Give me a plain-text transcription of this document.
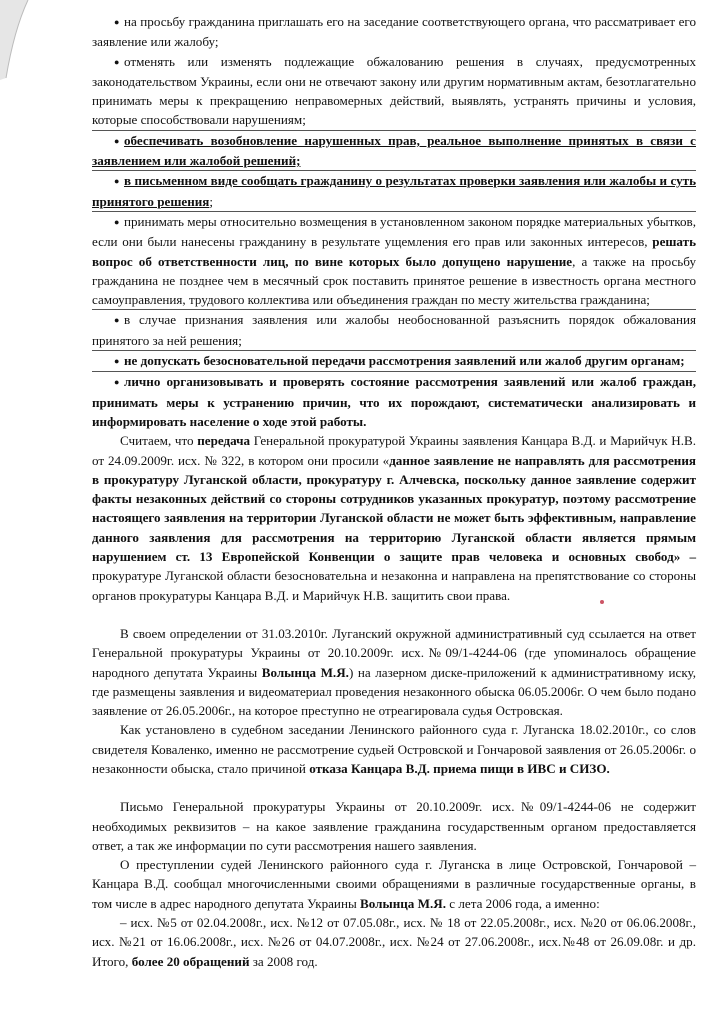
● на просьбу гражданина приглашать его на заседание соответствующего органа, что рассматривает его заявление или жалобу;

● отменять или изменять подлежащие обжалованию решения в случаях, предусмотренных законодательством Украины, если они не отвечают закону или другим нормативным актам, безотлагательно принимать меры к прекращению неправомерных действий, выявлять, устранять причины и условия, которые способствовали нарушениям;

● обеспечивать возобновление нарушенных прав, реальное выполнение принятых в связи с заявлением или жалобой решений;

● в письменном виде сообщать гражданину о результатах проверки заявления или жалобы и суть принятого решения;

● принимать меры относительно возмещения в установленном законом порядке материальных убытков, если они были нанесены гражданину в результате ущемления его прав или законных интересов, решать вопрос об ответственности лиц, по вине которых было допущено нарушение, а также на просьбу гражданина не позднее чем в месячный срок поставить принятое решение в известность органа местного самоуправления, трудового коллектива или объединения граждан по месту жительства гражданина;

● в случае признания заявления или жалобы необоснованной разъяснить порядок обжалования принятого за ней решения;

● не допускать безосновательной передачи рассмотрения заявлений или жалоб другим органам;

● лично организовывать и проверять состояние рассмотрения заявлений или жалоб граждан, принимать меры к устранению причин, что их порождают, систематически анализировать и информировать население о ходе этой работы.

Считаем, что передача Генеральной прокуратурой Украины заявления Канцара В.Д. и Марийчук Н.В. от 24.09.2009г. исх. № 322, в котором они просили «данное заявление не направлять для рассмотрения в прокуратуру Луганской области, прокуратуру г. Алчевска, поскольку данное заявление содержит факты незаконных действий со стороны сотрудников указанных прокуратур, поэтому рассмотрение настоящего заявления на территории Луганской области не может быть эффективным, направление данного заявления для рассмотрения на территорию Луганской области является прямым нарушением ст. 13 Европейской Конвенции о защите прав человека и основных свобод» – прокуратуре Луганской области безосновательна и незаконна и направлена на препятствование со стороны органов прокуратуры Канцара В.Д. и Марийчук Н.В. защитить свои права.

В своем определении от 31.03.2010г. Луганский окружной административный суд ссылается на ответ Генеральной прокуратуры Украины от 20.10.2009г. исх.№09/1-4244-06 (где упоминалось обращение народного депутата Украины Волынца М.Я.) на лазерном диске-приложений к административному иску, где размещены заявления и видеоматериал проведения незаконного обыска 06.05.2006г. О чем было подано заявление от 26.05.2006г., на которое преступно не отреагировала судья Островская.

Как установлено в судебном заседании Ленинского районного суда г. Луганска 18.02.2010г., со слов свидетеля Коваленко, именно не рассмотрение судьей Островской и Гончаровой заявления от 26.05.2006г. о незаконности обыска, стало причиной отказа Канцара В.Д. приема пищи в ИВС и СИЗО.

Письмо Генеральной прокуратуры Украины от 20.10.2009г. исх.№09/1-4244-06 не содержит необходимых реквизитов – на какое заявление гражданина государственным органом предоставляется ответ, а так же информации по сути рассмотрения нашего заявления.

О преступлении судей Ленинского районного суда г. Луганска в лице Островской, Гончаровой – Канцара В.Д. сообщал многочисленными своими обращениями в различные государственные органы, в том числе в адрес народного депутата Украины Волынца М.Я. с лета 2006 года, а именно:

– исх. №5 от 02.04.2008г., исх. №12 от 07.05.08г., исх. № 18 от 22.05.2008г., исх. №20 от 06.06.2008г., исх. №21 от 16.06.2008г., исх. №26 от 04.07.2008г., исх. №24 от 27.06.2008г., исх.№48 от 26.09.08г. и др. Итого, более 20 обращений за 2008 год.
